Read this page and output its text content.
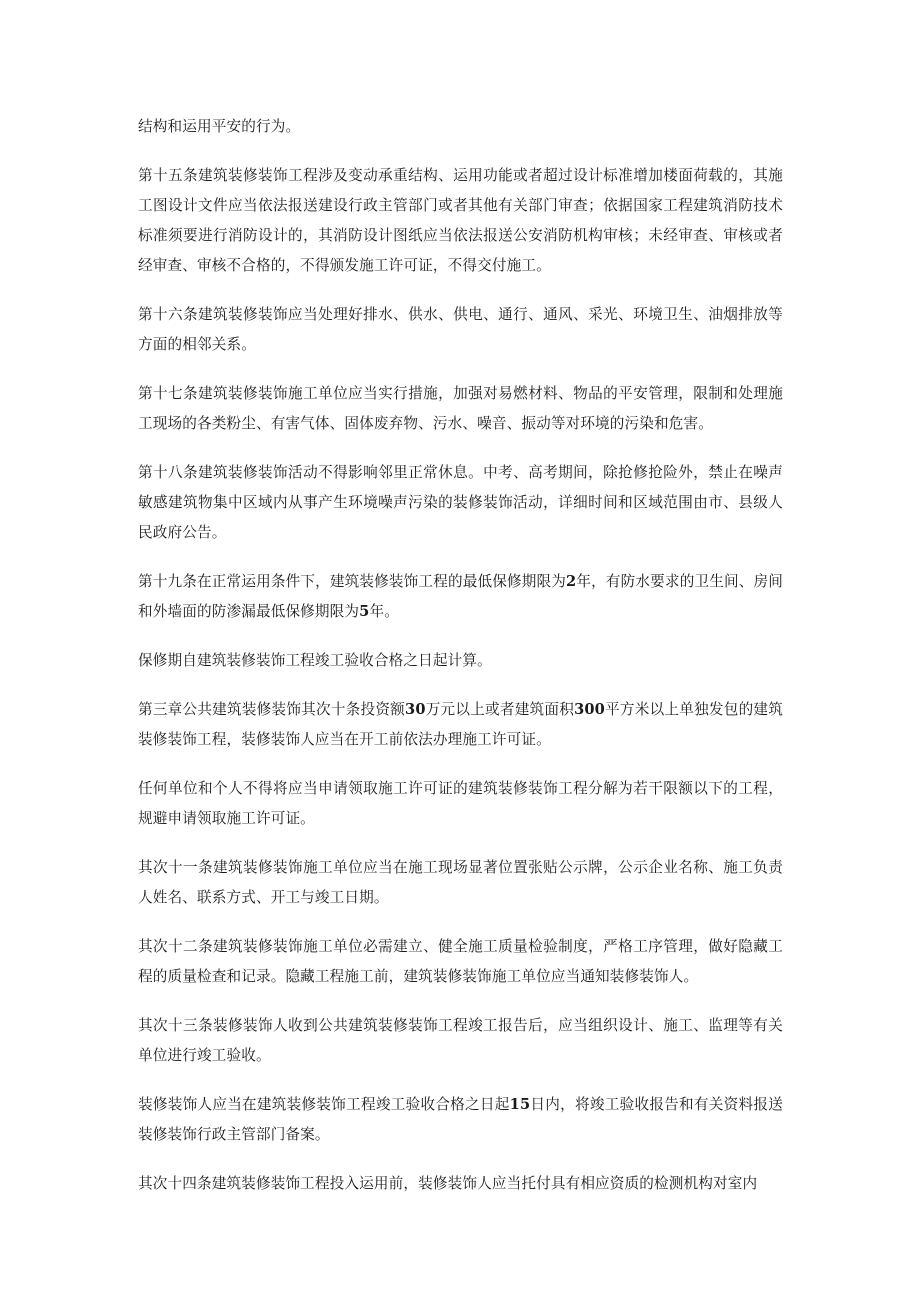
结构和运用平安的行为。

第十五条建筑装修装饰工程涉及变动承重结构、运用功能或者超过设计标准增加楼面荷载的，其施工图设计文件应当依法报送建设行政主管部门或者其他有关部门审查；依据国家工程建筑消防技术标准须要进行消防设计的，其消防设计图纸应当依法报送公安消防机构审核；未经审查、审核或者经审查、审核不合格的，不得颁发施工许可证，不得交付施工。

第十六条建筑装修装饰应当处理好排水、供水、供电、通行、通风、采光、环境卫生、油烟排放等方面的相邻关系。

第十七条建筑装修装饰施工单位应当实行措施，加强对易燃材料、物品的平安管理，限制和处理施工现场的各类粉尘、有害气体、固体废弃物、污水、噪音、振动等对环境的污染和危害。

第十八条建筑装修装饰活动不得影响邻里正常休息。中考、高考期间，除抢修抢险外，禁止在噪声敏感建筑物集中区域内从事产生环境噪声污染的装修装饰活动，详细时间和区域范围由市、县级人民政府公告。

第十九条在正常运用条件下，建筑装修装饰工程的最低保修期限为2年，有防水要求的卫生间、房间和外墙面的防渗漏最低保修期限为5年。

保修期自建筑装修装饰工程竣工验收合格之日起计算。

第三章公共建筑装修装饰其次十条投资额30万元以上或者建筑面积300平方米以上单独发包的建筑装修装饰工程，装修装饰人应当在开工前依法办理施工许可证。

任何单位和个人不得将应当申请领取施工许可证的建筑装修装饰工程分解为若干限额以下的工程，规避申请领取施工许可证。

其次十一条建筑装修装饰施工单位应当在施工现场显著位置张贴公示牌，公示企业名称、施工负责人姓名、联系方式、开工与竣工日期。

其次十二条建筑装修装饰施工单位必需建立、健全施工质量检验制度，严格工序管理，做好隐藏工程的质量检查和记录。隐藏工程施工前，建筑装修装饰施工单位应当通知装修装饰人。

其次十三条装修装饰人收到公共建筑装修装饰工程竣工报告后，应当组织设计、施工、监理等有关单位进行竣工验收。

装修装饰人应当在建筑装修装饰工程竣工验收合格之日起15日内，将竣工验收报告和有关资料报送装修装饰行政主管部门备案。

其次十四条建筑装修装饰工程投入运用前，装修装饰人应当托付具有相应资质的检测机构对室内
